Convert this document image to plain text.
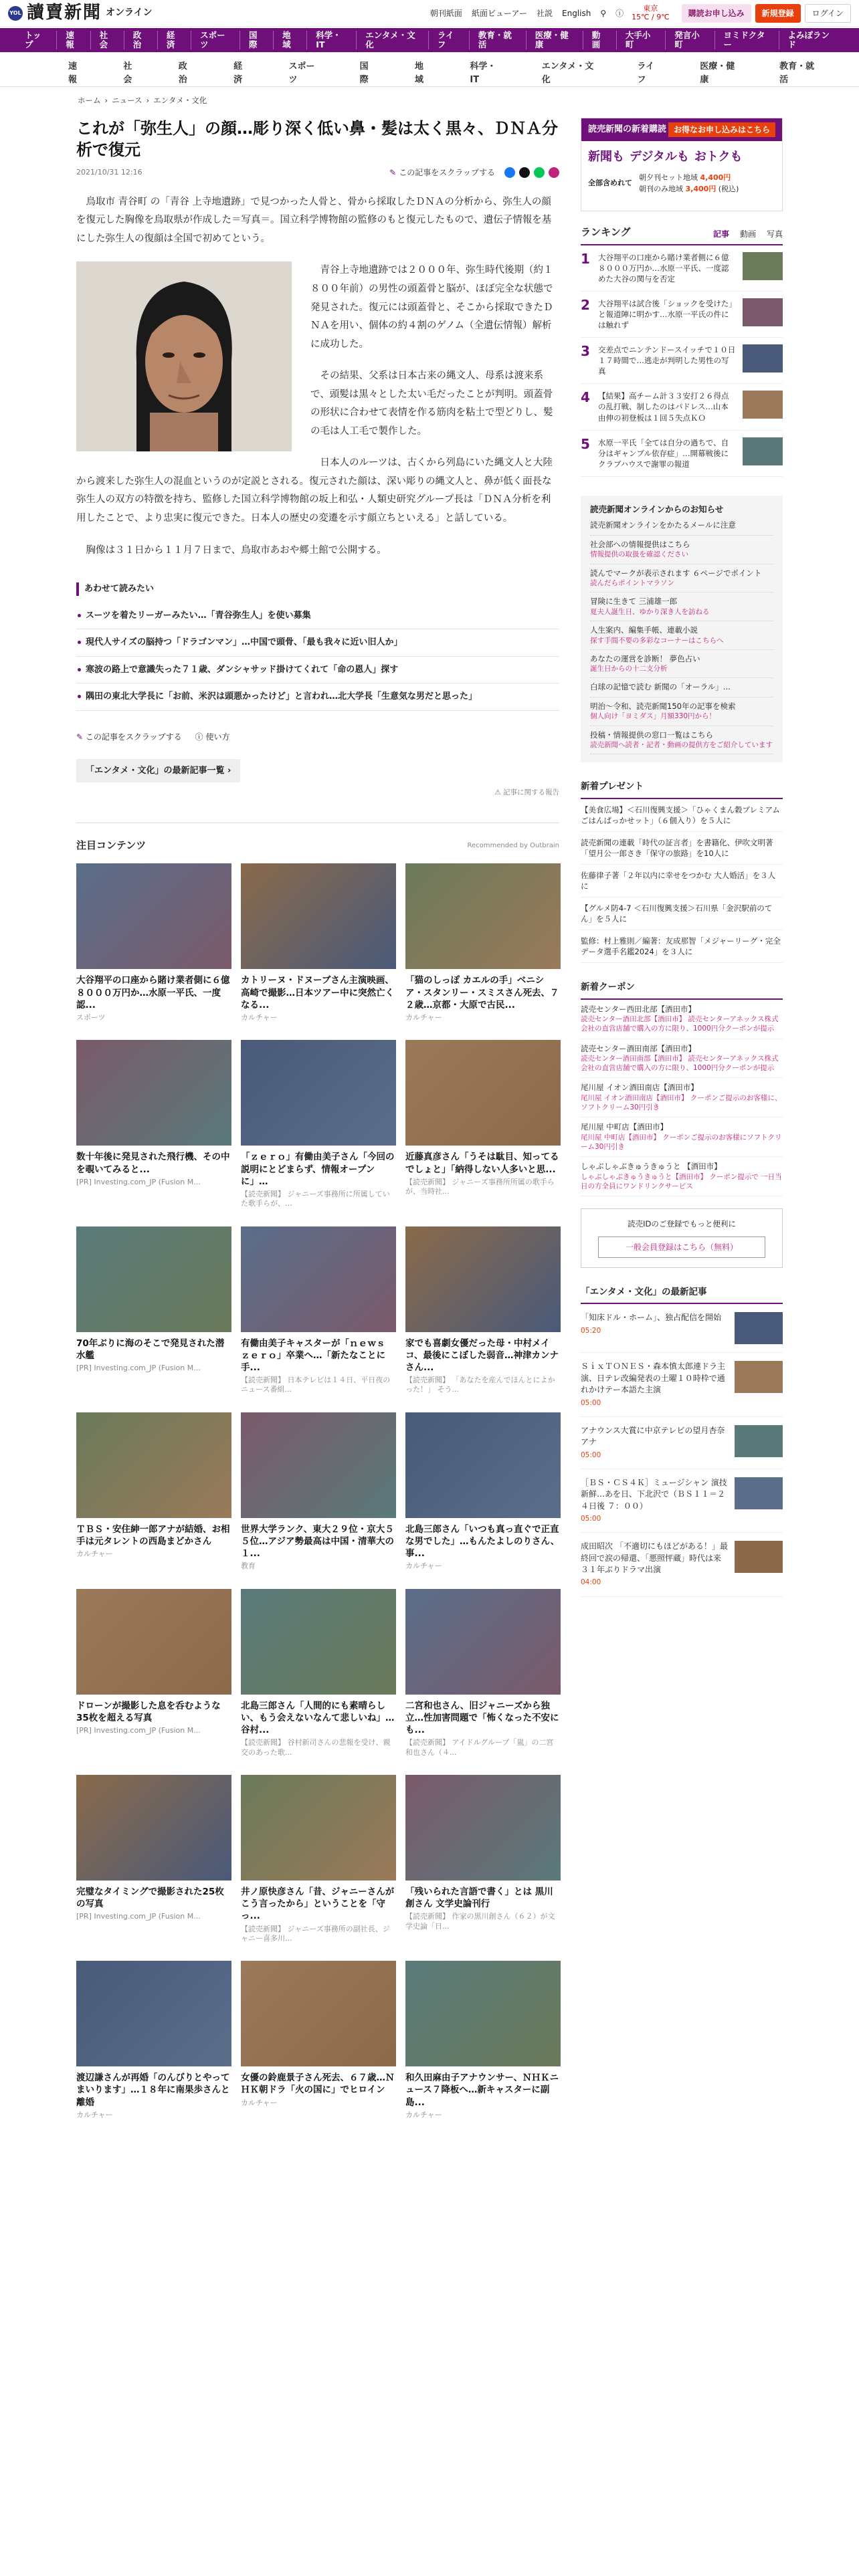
YOL 讀賣新聞 オンライン	朝刊紙面 紙面ビューアー 社説 English ⚲ ⓘ	東京
15℃ / 9℃	購読お申し込み	新規登録	ログイン
トップ
速報
社会
政治
経済
スポーツ
国際
地域
科学・IT
エンタメ・文化
ライフ
教育・就活
医療・健康
動画
大手小町
発言小町
ヨミドクター
よみぽランド
速報
社会
政治
経済
スポーツ
国際
地域
科学・IT
エンタメ・文化
ライフ
医療・健康
教育・就活
ホーム › ニュース › エンタメ・文化
これが「弥生人」の顔…彫り深く低い鼻・髪は太く黒々、ＤＮＡ分析で復元
2021/10/31 12:16	✎ この記事をスクラップする

鳥取市 青谷町 の「青谷 上寺地遺跡」で見つかった人骨と、骨から採取したＤＮＡの分析から、弥生人の顔を復元した胸像を鳥取県が作成した＝写真＝。国立科学博物館の監修のもと復元したもので、遺伝子情報を基にした弥生人の復顔は全国で初めてという。

青谷上寺地遺跡では２０００年、弥生時代後期（約１８００年前）の男性の頭蓋骨と脳が、ほぼ完全な状態で発見された。復元には頭蓋骨と、そこから採取できたＤＮＡを用い、個体の約４割のゲノム（全遺伝情報）解析に成功した。

その結果、父系は日本古来の縄文人、母系は渡来系で、頭髪は黒々とした太い毛だったことが判明。頭蓋骨の形状に合わせて表情を作る筋肉を粘土で型どりし、髪の毛は人工毛で製作した。

日本人のルーツは、古くから列島にいた縄文人と大陸から渡来した弥生人の混血というのが定説とされる。復元された顔は、深い彫りの縄文人と、鼻が低く面長な弥生人の双方の特徴を持ち、監修した国立科学博物館の坂上和弘・人類史研究グループ長は「ＤＮＡ分析を利用したことで、より忠実に復元できた。日本人の歴史の変遷を示す顔立ちといえる」と話している。

胸像は３１日から１１月７日まで、鳥取市あおや郷土館で公開する。

あわせて読みたい
スーツを着たリーガーみたい…「青谷弥生人」を使い募集
現代人サイズの脳持つ「ドラゴンマン」…中国で頭骨、「最も我々に近い旧人か」
寒波の路上で意識失った７１歳、ダンシャサッド掛けてくれて「命の恩人」探す
隅田の東北大学長に「お前、米沢は頭悪かったけど」と言われ…北大学長「生意気な男だと思った」
✎ この記事をスクラップする ⓘ 使い方
「エンタメ・文化」の最新記事一覧 ›
⚠ 記事に関する報告
注目コンテンツ	Recommended by Outbrain
大谷翔平の口座から賭け業者側に６億８０００万円か…水原一平氏、一度認...
スポーツ
カトリーヌ・ドヌーブさん主演映画、高崎で撮影…日本ツアー中に突然亡くなる...
カルチャー
「猫のしっぽ カエルの手」ベニシア・スタンリー・スミスさん死去、７２歳…京都・大原で古民...
カルチャー
数十年後に発見された飛行機、その中を覗いてみると...
[PR] Investing.com_JP (Fusion M...
「ｚｅｒｏ」有働由美子さん「今回の説明にとどまらず、情報オープンに」…
【読売新聞】 ジャニーズ事務所に所属していた歌手らが、…
近藤真彦さん「うそは駄目、知ってるでしょと」「納得しない人多いと思...
【読売新聞】 ジャニーズ事務所所属の歌手らが、当時社...
70年ぶりに海のそこで発見された潜水艦
[PR] Investing.com_JP (Fusion M...
有働由美子キャスターが「ｎｅｗｓ ｚｅｒｏ」卒業へ…「新たなことに手...
【読売新聞】 日本テレビは１４日、平日夜のニュース番組...
家でも喜劇女優だった母・中村メイコ、最後にこぼした弱音…神津カンナさん...
【読売新聞】 「あなたを産んでほんとによかった！」 そう...
ＴＢＳ・安住紳一郎アナが結婚、お相手は元タレントの西島まどかさん
カルチャー
世界大学ランク、東大２９位・京大５５位…アジア勢最高は中国・清華大の１...
教育
北島三郎さん「いつも真っ直ぐで正直な男でした」…もんたよしのりさん、事...
カルチャー
ドローンが撮影した息を呑むような35枚を超える写真
[PR] Investing.com_JP (Fusion M...
北島三郎さん「人間的にも素晴らしい、もう会えないなんて悲しいね」…谷村...
【読売新聞】 谷村新司さんの悲報を受け、親交のあった歌...
二宮和也さん、旧ジャニーズから独立…性加害問題で「怖くなった不安にも...
【読売新聞】 アイドルグループ「嵐」の二宮和也さん（４...
完璧なタイミングで撮影された25枚の写真
[PR] Investing.com_JP (Fusion M...
井ノ原快彦さん「昔、ジャニーさんがこう言ったから」ということを「守っ...
【読売新聞】 ジャニーズ事務所の副社長、ジャニー喜多川...
「残いられた言語で書く」とは 黒川創さん 文学史論刊行
【読売新聞】 作家の黒川創さん（６２）が文学史論「日...
渡辺謙さんが再婚「のんびりとやってまいります」…１８年に南果歩さんと離婚
カルチャー
女優の鈴鹿景子さん死去、６７歳…ＮＨＫ朝ドラ「火の国に」でヒロイン
カルチャー
和久田麻由子アナウンサー、ＮＨＫニュース７降板へ…新キャスターに副島...
カルチャー
読売新聞の新着購読 お得なお申し込みはこちら
新聞も デジタルも おトクも
全部含めれて
朝夕刊セット地域 4,400円
朝刊のみ地域 3,400円 (税込)
ランキング	記事 動画 写真
1 大谷翔平の口座から賭け業者側に６億８０００万円か…水原一平氏、一度認めた大谷の関与を否定
2 大谷翔平は試合後「ショックを受けた」と報道陣に明かす…水原一平氏の件には触れず
3 交差点でニンテンドースイッチで１０日１７時間で…逃走が判明した男性の写真
4 【結果】高チーム計３３安打２６得点の乱打戦、制したのはパドレス…山本由伸の初登板は１回５失点ＫＯ
5 水原一平氏「全ては自分の過ちで、自分はギャンブル依存症」…開幕戦後にクラブハウスで謝罪の報道
読売新聞オンラインからのお知らせ
読売新聞オンラインをかたるメールに注意
社会部への情報提供はこちら
情報提供の取扱を確認ください
読んでマークが表示されます ６ページでポイント
読んだらポイントマラソン
冒険に生きて 三浦雄一郎
夏夫人誕生日、ゆかり深き人を訪ねる
人生案内、編集手帳、連載小説
探す手間不要の多彩なコーナーはこちらへ
あなたの運営を診断！ 夢色占い
誕生日からの十二支分析
白球の記憶で読む 新聞の「オーラル」...
明治～令和、読売新聞150年の記事を検索
個人向け「ヨミダス」月額330円から！
投稿・情報提供の窓口一覧はこちら
読売新聞へ読者・記者・動画の提供方をご紹介しています
新着プレゼント
【美食広場】＜石川復興支援＞「ひゃくまん穀プレミアムごはんぱっかせット」（６個入り）を５人に
読売新聞の連載「時代の証言者」を書籍化、伊吹文明著「望月公一郎さき「保守の旅路」を10人に
佐藤律子著「２年以内に幸せをつかむ 大人婚活」を３人に
【グルメ防4-7 ＜石川復興支援＞石川県「金沢駅前のてん」を５人に
監修：村上雅則／編著：友成那智「メジャーリーグ・完全データ選手名鑑2024」を３人に
新着クーポン
読売センター西田北部【酒田市】
読売センター酒田北部【酒田市】 読売センターアネックス株式会社の直営店舗で購入の方に限り、1000円分クーポンが提示
読売センター酒田南部【酒田市】
読売センター酒田南部【酒田市】 読売センターアネックス株式会社の直営店舗で購入の方に限り、1000円分クーポンが提示
尾川屋 イオン酒田南店【酒田市】
尾川屋 イオン酒田南店【酒田市】 クーポンご提示のお客様に、ソフトクリーム30円引き
尾川屋 中町店【酒田市】
尾川屋 中町店【酒田市】 クーポンご提示のお客様にソフトクリーム30円引き
しゃぶしゃぶきゅうきゅうと 【酒田市】
しゃぶしゃぶきゅうきゅうと【酒田市】 クーポン提示で 一日当日の方全員にワンドリンクサービス
読売IDのご登録でもっと便利に
一般会員登録はこちら（無料）
「エンタメ・文化」の最新記事
「知床ドル・ホーム」、独占配信を開始
05:20
ＳｉｘＴＯＮＥＳ・森本慎太郎連ドラ主演、日テレ改編発表の土曜１０時枠で通れかけテー本語た主演
05:00
アナウンス大賞に中京テレビの望月杏奈アナ
05:00
［ＢＳ・ＣＳ４Ｋ］ミュージシャン 演技新鮮…あを日、下北沢で（ＢＳ１１＝２４日後 ７：００）
05:00
成田昭次 「不適切にもほどがある！」最終回で涙の帰還、「悪照怦蔵」時代は来３１年ぶりドラマ出演
04:00
